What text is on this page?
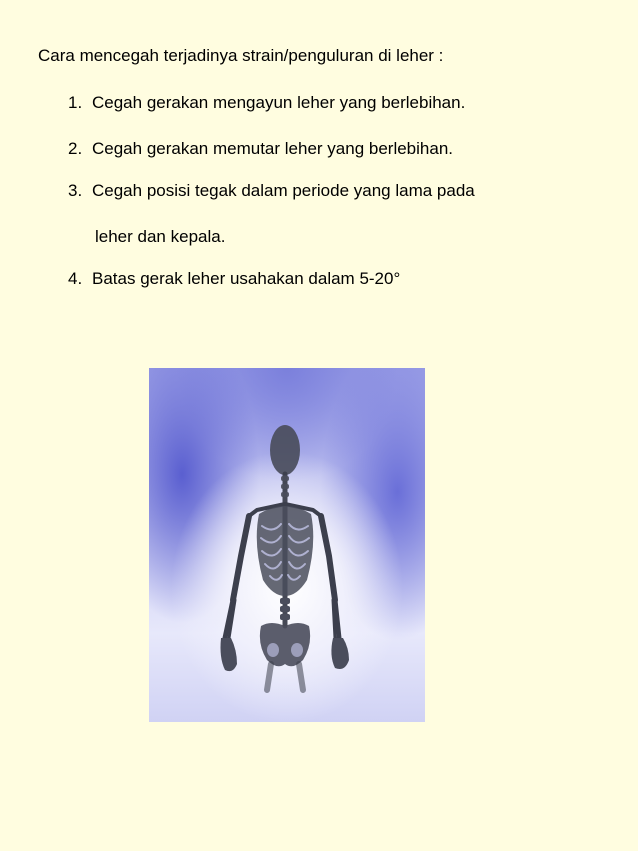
Cara mencegah terjadinya strain/penguluran di leher :
1. Cegah gerakan mengayun leher yang berlebihan.
2. Cegah gerakan memutar leher yang berlebihan.
3. Cegah posisi tegak dalam periode yang lama pada
leher dan kepala.
4. Batas gerak leher usahakan dalam 5-20°
